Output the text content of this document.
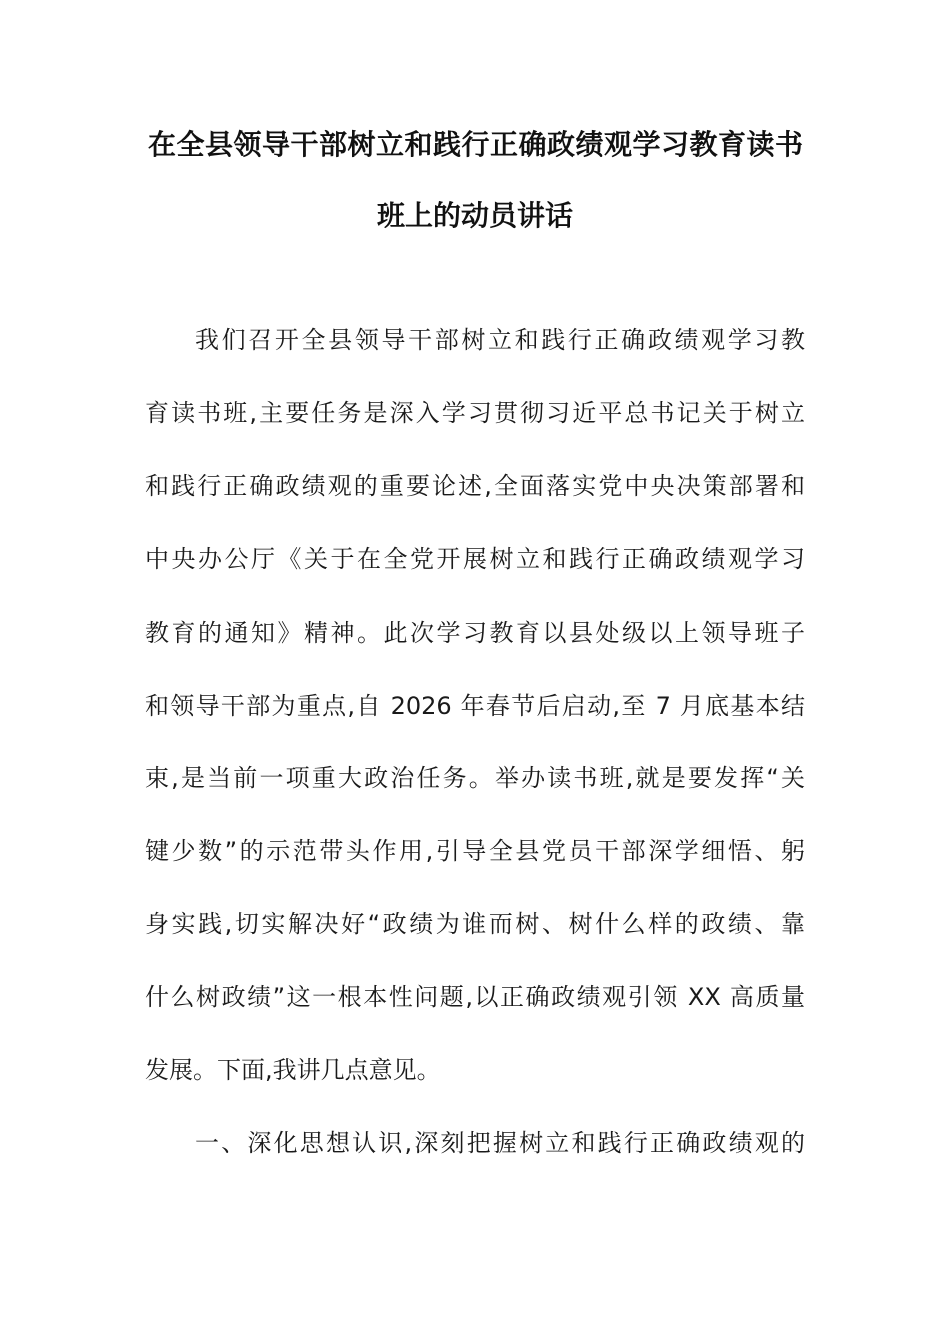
在全县领导干部树立和践行正确政绩观学习教育读书
班上的动员讲话
我们召开全县领导干部树立和践行正确政绩观学习教
育读书班,主要任务是深入学习贯彻习近平总书记关于树立
和践行正确政绩观的重要论述,全面落实党中央决策部署和
中央办公厅《关于在全党开展树立和践行正确政绩观学习
教育的通知》精神。此次学习教育以县处级以上领导班子
和领导干部为重点,自 2026 年春节后启动,至 7 月底基本结
束,是当前一项重大政治任务。举办读书班,就是要发挥“关
键少数”的示范带头作用,引导全县党员干部深学细悟、躬
身实践,切实解决好“政绩为谁而树、树什么样的政绩、靠
什么树政绩”这一根本性问题,以正确政绩观引领 XX 高质量
发展。下面,我讲几点意见。
一、深化思想认识,深刻把握树立和践行正确政绩观的
